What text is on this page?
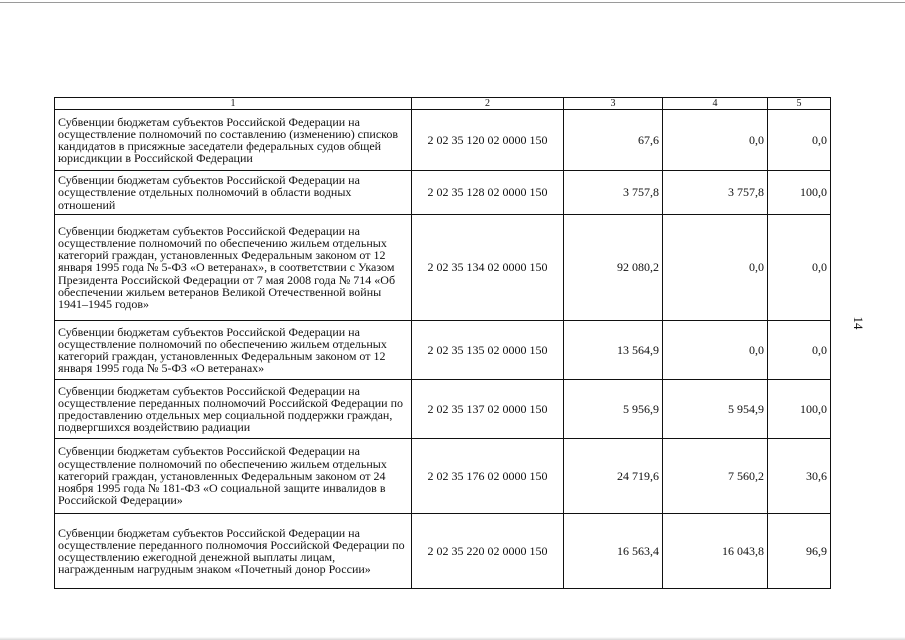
1	2	3	4	5
Субвенции бюджетам субъектов Российской Федерации на осуществление полномочий по составлению (изменению) списков кандидатов в присяжные заседатели федеральных судов общей юрисдикции в Российской Федерации	2 02 35 120 02 0000 150	67,6	0,0	0,0
Субвенции бюджетам субъектов Российской Федерации на осуществление отдельных полномочий в области водных отношений	2 02 35 128 02 0000 150	3 757,8	3 757,8	100,0
Субвенции бюджетам субъектов Российской Федерации на осуществление полномочий по обеспечению жильем отдельных категорий граждан, установленных Федеральным законом от 12 января 1995 года № 5-ФЗ «О ветеранах», в соответствии с Указом Президента Российской Федерации от 7 мая 2008 года № 714 «Об обеспечении жильем ветеранов Великой Отечественной войны 1941–1945 годов»	2 02 35 134 02 0000 150	92 080,2	0,0	0,0
Субвенции бюджетам субъектов Российской Федерации на осуществление полномочий по обеспечению жильем отдельных категорий граждан, установленных Федеральным законом от 12 января 1995 года № 5-ФЗ «О ветеранах»	2 02 35 135 02 0000 150	13 564,9	0,0	0,0
Субвенции бюджетам субъектов Российской Федерации на осуществление переданных полномочий Российской Федерации по предоставлению отдельных мер социальной поддержки граждан, подвергшихся воздействию радиации	2 02 35 137 02 0000 150	5 956,9	5 954,9	100,0
Субвенции бюджетам субъектов Российской Федерации на осуществление полномочий по обеспечению жильем отдельных категорий граждан, установленных Федеральным законом от 24 ноября 1995 года № 181-ФЗ «О социальной защите инвалидов в Российской Федерации»	2 02 35 176 02 0000 150	24 719,6	7 560,2	30,6
Субвенции бюджетам субъектов Российской Федерации на осуществление переданного полномочия Российской Федерации по осуществлению ежегодной денежной выплаты лицам, награжденным нагрудным знаком «Почетный донор России»	2 02 35 220 02 0000 150	16 563,4	16 043,8	96,9
14
